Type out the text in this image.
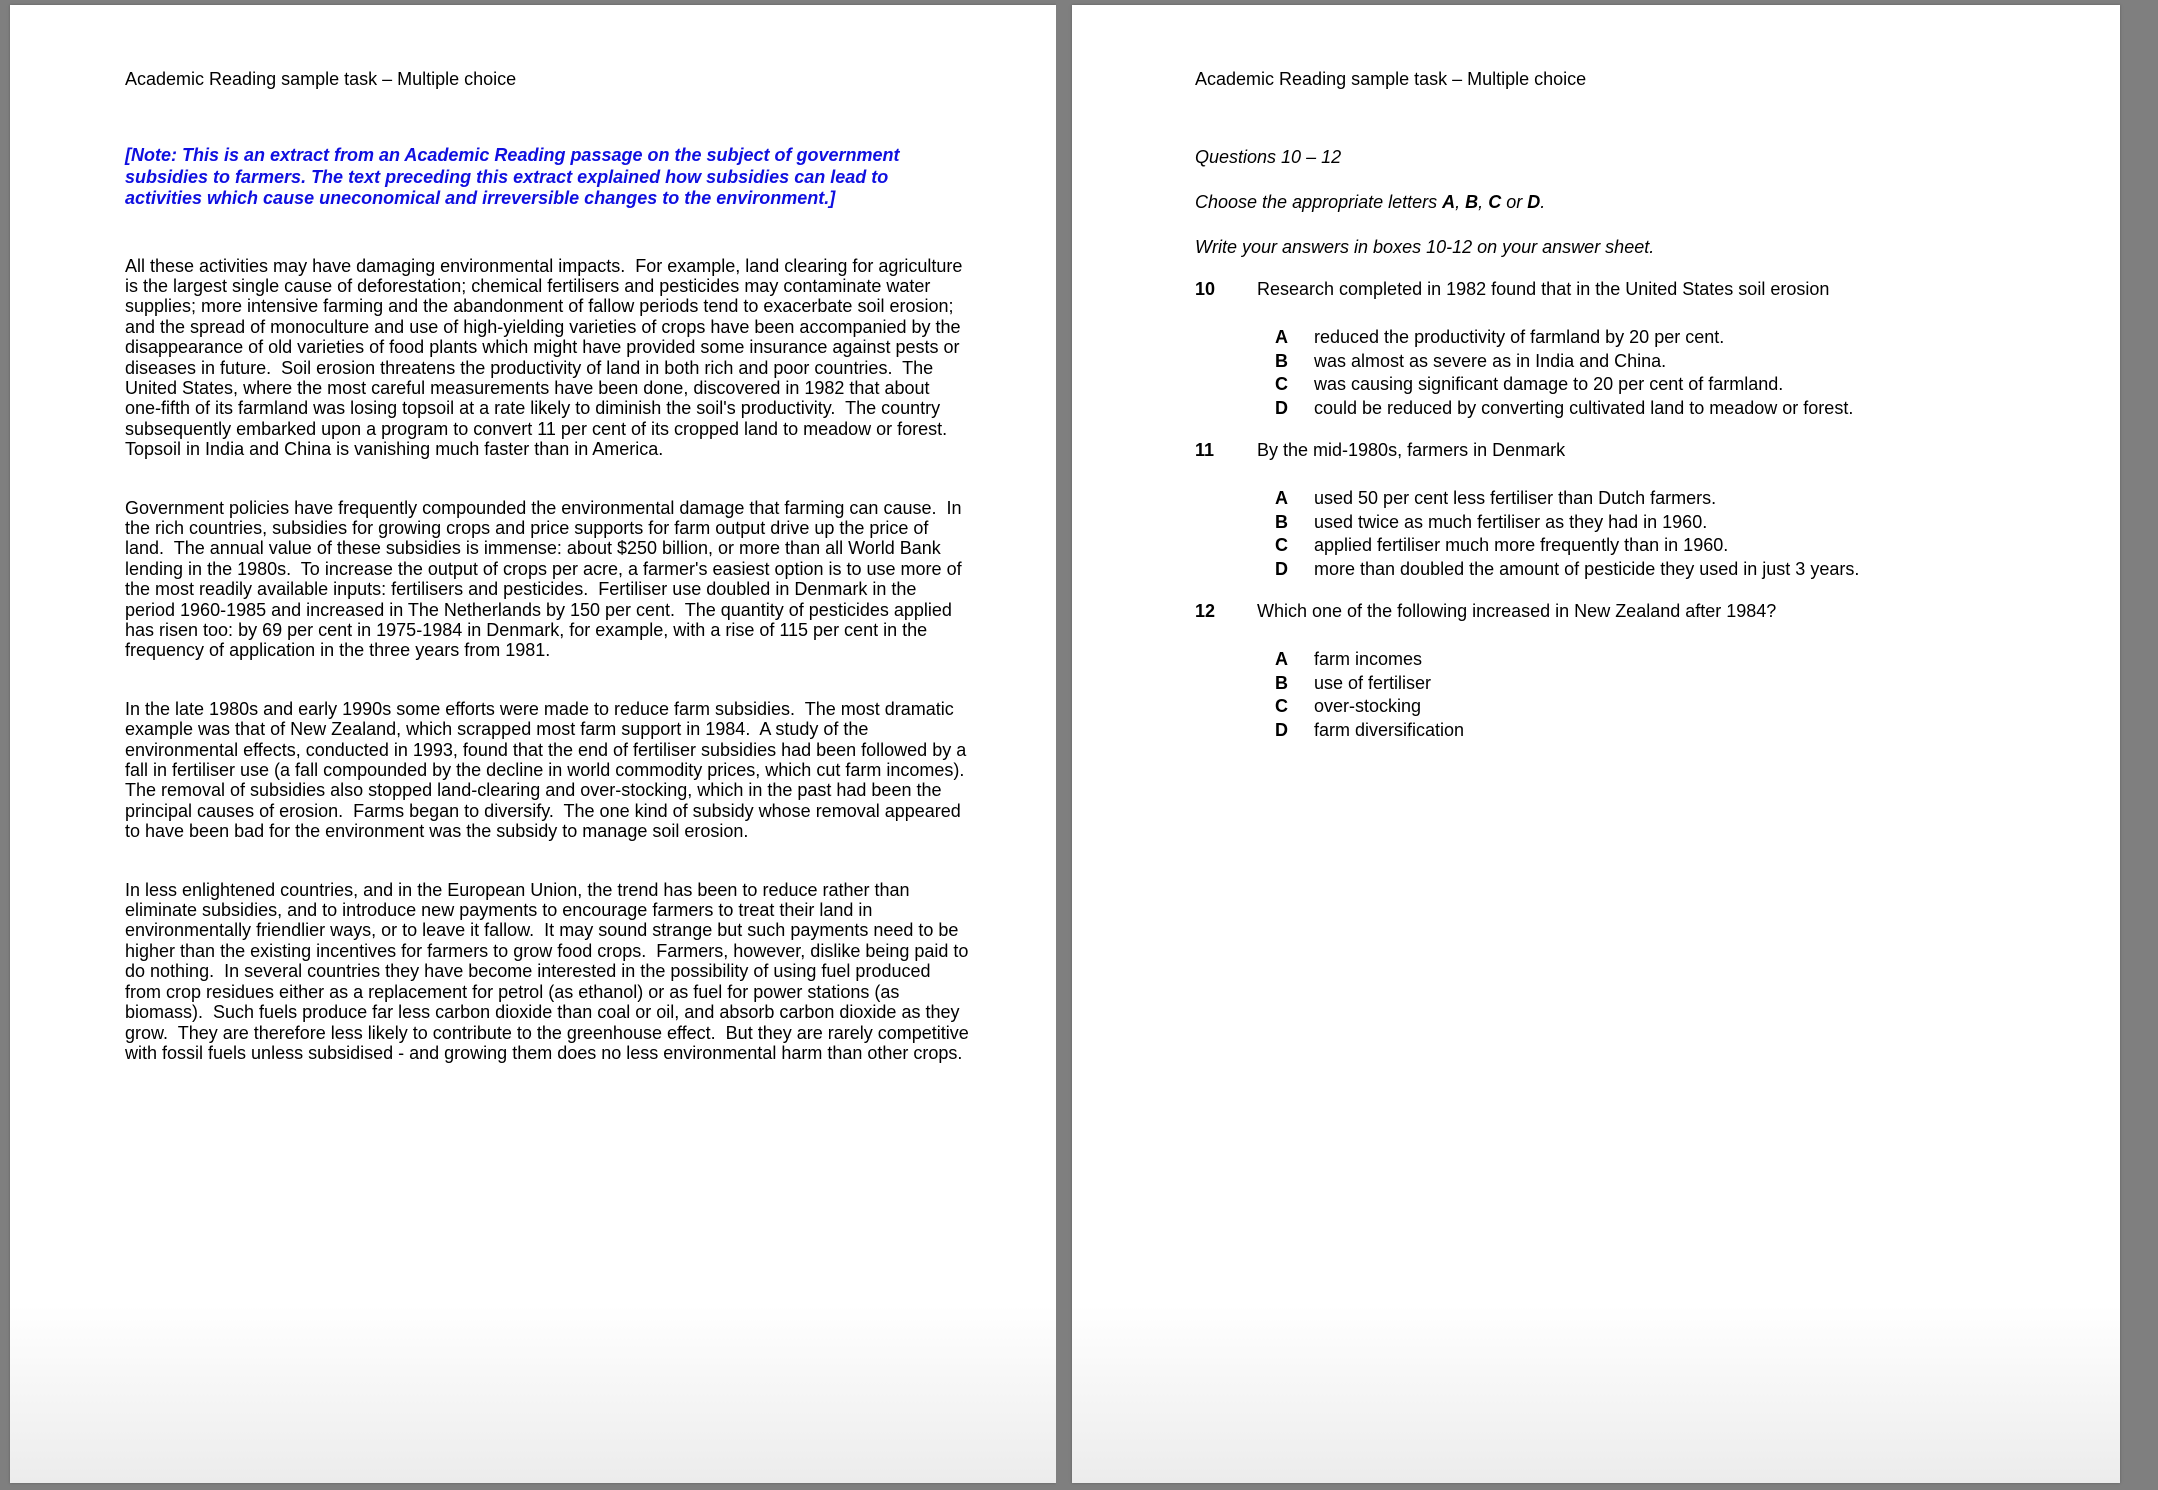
Academic Reading sample task – Multiple choice
[Note: This is an extract from an Academic Reading passage on the subject of government subsidies to farmers. The text preceding this extract explained how subsidies can lead to activities which cause uneconomical and irreversible changes to the environment.]

All these activities may have damaging environmental impacts.  For example, land clearing for agriculture is the largest single cause of deforestation; chemical fertilisers and pesticides may contaminate water supplies; more intensive farming and the abandonment of fallow periods tend to exacerbate soil erosion; and the spread of monoculture and use of high-yielding varieties of crops have been accompanied by the disappearance of old varieties of food plants which might have provided some insurance against pests or diseases in future.  Soil erosion threatens the productivity of land in both rich and poor countries.  The United States, where the most careful measurements have been done, discovered in 1982 that about one-fifth of its farmland was losing topsoil at a rate likely to diminish the soil's productivity.  The country subsequently embarked upon a program to convert 11 per cent of its cropped land to meadow or forest.  Topsoil in India and China is vanishing much faster than in America.

Government policies have frequently compounded the environmental damage that farming can cause.  In the rich countries, subsidies for growing crops and price supports for farm output drive up the price of land.  The annual value of these subsidies is immense: about $250 billion, or more than all World Bank lending in the 1980s.  To increase the output of crops per acre, a farmer's easiest option is to use more of the most readily available inputs: fertilisers and pesticides.  Fertiliser use doubled in Denmark in the period 1960-1985 and increased in The Netherlands by 150 per cent.  The quantity of pesticides applied has risen too: by 69 per cent in 1975-1984 in Denmark, for example, with a rise of 115 per cent in the frequency of application in the three years from 1981.

In the late 1980s and early 1990s some efforts were made to reduce farm subsidies.  The most dramatic example was that of New Zealand, which scrapped most farm support in 1984.  A study of the environmental effects, conducted in 1993, found that the end of fertiliser subsidies had been followed by a fall in fertiliser use (a fall compounded by the decline in world commodity prices, which cut farm incomes).  The removal of subsidies also stopped land-clearing and over-stocking, which in the past had been the principal causes of erosion.  Farms began to diversify.  The one kind of subsidy whose removal appeared to have been bad for the environment was the subsidy to manage soil erosion.

In less enlightened countries, and in the European Union, the trend has been to reduce rather than eliminate subsidies, and to introduce new payments to encourage farmers to treat their land in environmentally friendlier ways, or to leave it fallow.  It may sound strange but such payments need to be higher than the existing incentives for farmers to grow food crops.  Farmers, however, dislike being paid to do nothing.  In several countries they have become interested in the possibility of using fuel produced from crop residues either as a replacement for petrol (as ethanol) or as fuel for power stations (as biomass).  Such fuels produce far less carbon dioxide than coal or oil, and absorb carbon dioxide as they grow.  They are therefore less likely to contribute to the greenhouse effect.  But they are rarely competitive with fossil fuels unless subsidised - and growing them does no less environmental harm than other crops.

Academic Reading sample task – Multiple choice
Questions 10 – 12
Choose the appropriate letters A, B, C or D.
Write your answers in boxes 10-12 on your answer sheet.
10	Research completed in 1982 found that in the United States soil erosion
A	reduced the productivity of farmland by 20 per cent.
B	was almost as severe as in India and China.
C	was causing significant damage to 20 per cent of farmland.
D	could be reduced by converting cultivated land to meadow or forest.
11	By the mid-1980s, farmers in Denmark
A	used 50 per cent less fertiliser than Dutch farmers.
B	used twice as much fertiliser as they had in 1960.
C	applied fertiliser much more frequently than in 1960.
D	more than doubled the amount of pesticide they used in just 3 years.
12	Which one of the following increased in New Zealand after 1984?
A	farm incomes
B	use of fertiliser
C	over-stocking
D	farm diversification
